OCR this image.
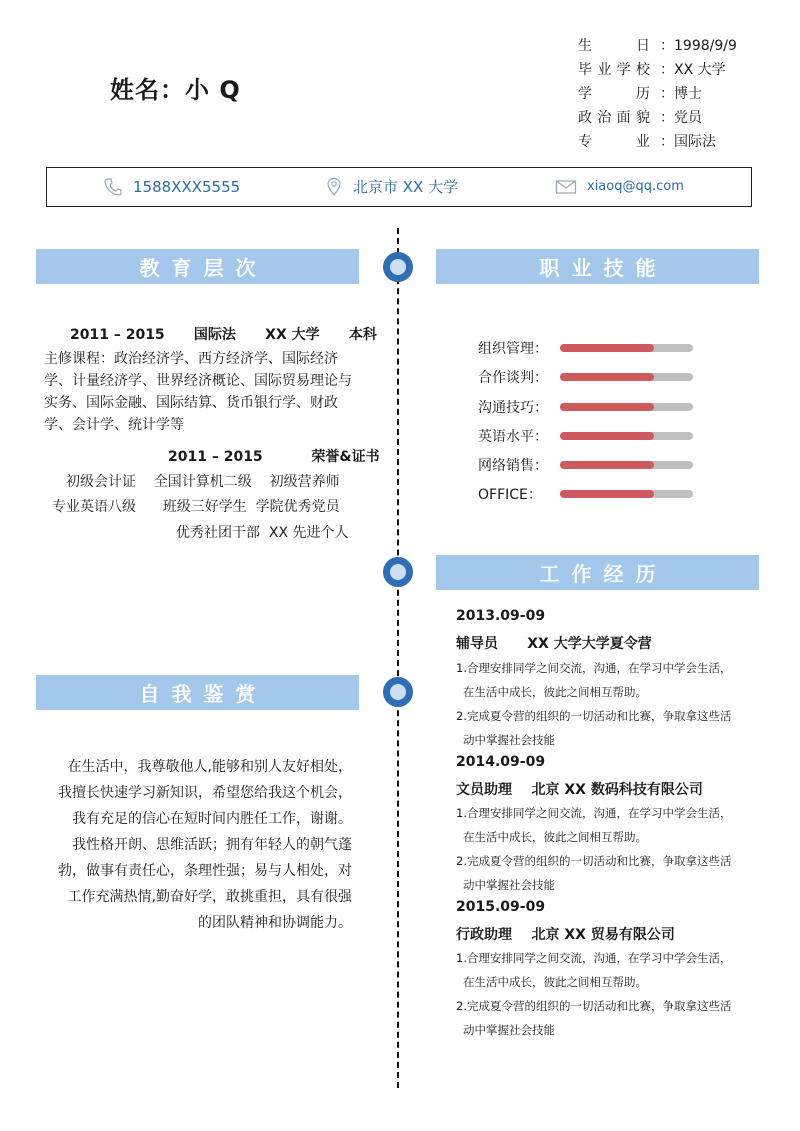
姓名：小 Q
生日 ：1998/9/9
毕业学校 ：XX 大学
学历 ：博士
政治面貌 ：党员
专业 ：国际法
1588XXX5555	北京市 XX 大学	xiaoq@qq.com
教育层次	职业技能
工作经历
自我鉴赏
2011 – 2015      国际法      XX 大学      本科
主修课程：政治经济学、西方经济学、国际经济学、计量经济学、世界经济概论、国际贸易理论与实务、国际金融、国际结算、货币银行学、财政学、会计学、统计学等
2011 – 2015          荣誉&证书
初级会计证    全国计算机二级    初级营养师
专业英语八级      班级三好学生  学院优秀党员
优秀社团干部  XX 先进个人
组织管理：
合作谈判：
沟通技巧：
英语水平：
网络销售：
OFFICE：

在生活中，我尊敬他人,能够和别人友好相处，

我擅长快速学习新知识，希望您给我这个机会，

我有充足的信心在短时间内胜任工作，谢谢。

我性格开朗、思维活跃；拥有年轻人的朝气蓬

勃，做事有责任心，条理性强；易与人相处，对

工作充满热情,勤奋好学，敢挑重担，具有很强

的团队精神和协调能力。

2013.09-09
辅导员      XX 大学大学夏令营
1.合理安排同学之间交流，沟通，在学习中学会生活，
在生活中成长，彼此之间相互帮助。
2.完成夏令营的组织的一切活动和比赛，争取拿这些活
动中掌握社会技能
2014.09-09
文员助理    北京 XX 数码科技有限公司
1.合理安排同学之间交流，沟通，在学习中学会生活，
在生活中成长，彼此之间相互帮助。
2.完成夏令营的组织的一切活动和比赛，争取拿这些活
动中掌握社会技能
2015.09-09
行政助理    北京 XX 贸易有限公司
1.合理安排同学之间交流，沟通，在学习中学会生活，
在生活中成长，彼此之间相互帮助。
2.完成夏令营的组织的一切活动和比赛，争取拿这些活
动中掌握社会技能
